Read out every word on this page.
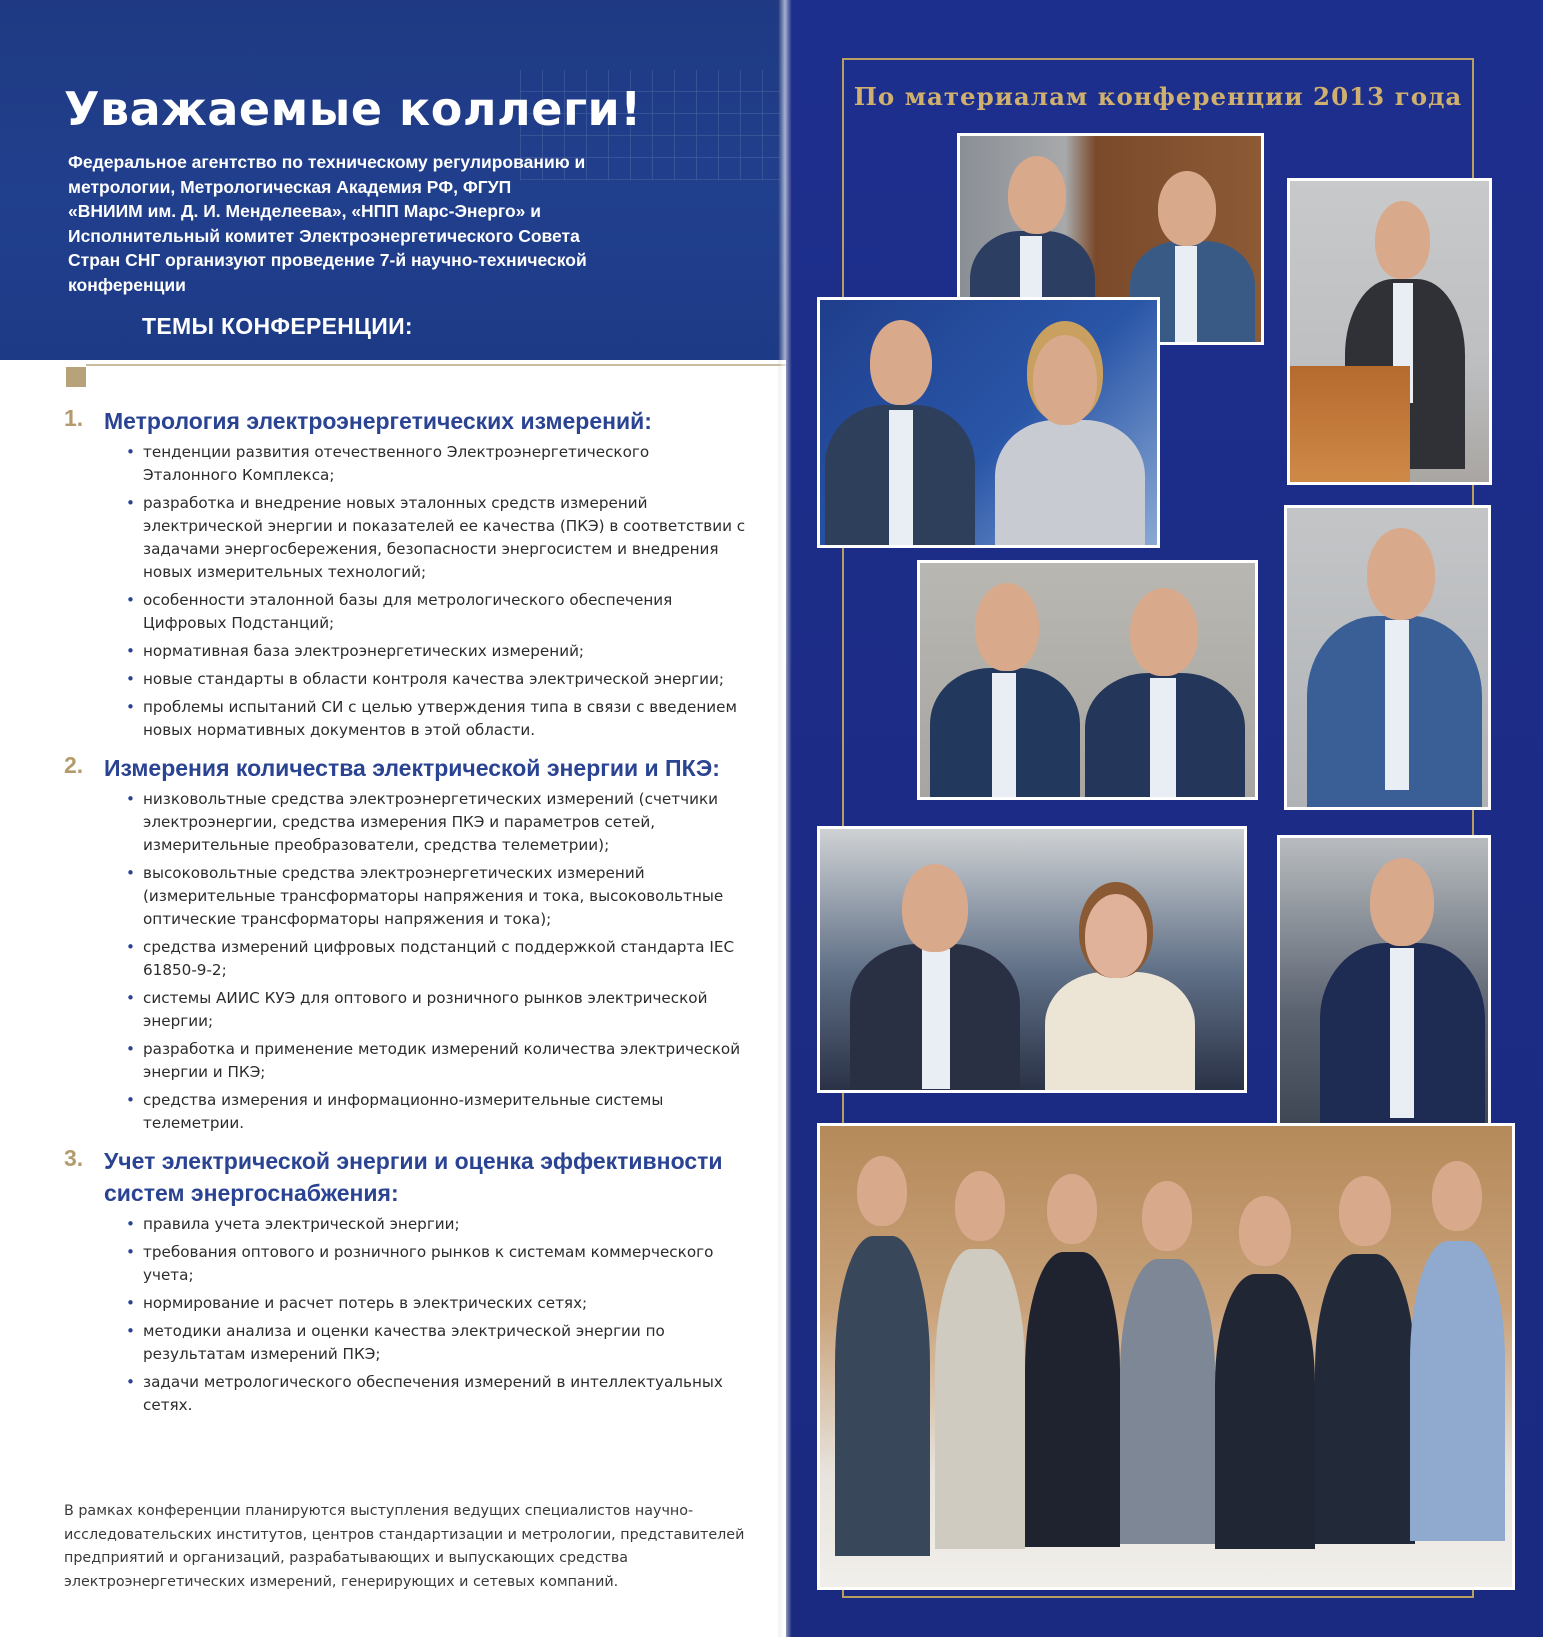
Уважаемые коллеги!

Федеральное агентство по техническому регулированию и метрологии, Метрологическая Академия РФ, ФГУП «ВНИИМ им. Д. И. Менделеева», «НПП Марс-Энерго» и Исполнительный комитет Электроэнергетического Совета Стран СНГ организуют проведение 7-й научно-технической конференции

ТЕМЫ КОНФЕРЕНЦИИ:
1. Метрология электроэнергетических измерений:
• тенденции развития отечественного Электроэнергетического Эталонного Комплекса;
• разработка и внедрение новых эталонных средств измерений электрической энергии и показателей ее качества (ПКЭ) в соответствии с задачами энергосбережения, безопасности энергосистем и внедрения новых измерительных технологий;
• особенности эталонной базы для метрологического обеспечения Цифровых Подстанций;
• нормативная база электроэнергетических измерений;
• новые стандарты в области контроля качества электрической энергии;
• проблемы испытаний СИ с целью утверждения типа в связи с введением новых нормативных документов в этой области.
2. Измерения количества электрической энергии и ПКЭ:
• низковольтные средства электроэнергетических измерений (счетчики электроэнергии, средства измерения ПКЭ и параметров сетей, измерительные преобразователи, средства телеметрии);
• высоковольтные средства электроэнергетических измерений (измерительные трансформаторы напряжения и тока, высоковольтные оптические трансформаторы напряжения и тока);
• средства измерений цифровых подстанций с поддержкой стандарта IEC 61850-9-2;
• системы АИИС КУЭ для оптового и розничного рынков электрической энергии;
• разработка и применение методик измерений количества электрической энергии и ПКЭ;
• средства измерения и информационно-измерительные системы телеметрии.
3. Учет электрической энергии и оценка эффективности систем энергоснабжения:
• правила учета электрической энергии;
• требования оптового и розничного рынков к системам коммерческого учета;
• нормирование и расчет потерь в электрических сетях;
• методики анализа и оценки качества электрической энергии по результатам измерений ПКЭ;
• задачи метрологического обеспечения измерений в интеллектуальных сетях.

В рамках конференции планируются выступления ведущих специалистов научно-исследовательских институтов, центров стандартизации и метрологии, представителей предприятий и организаций, разрабатывающих и выпускающих средства электроэнергетических измерений, генерирующих и сетевых компаний.

По материалам конференции 2013 года
